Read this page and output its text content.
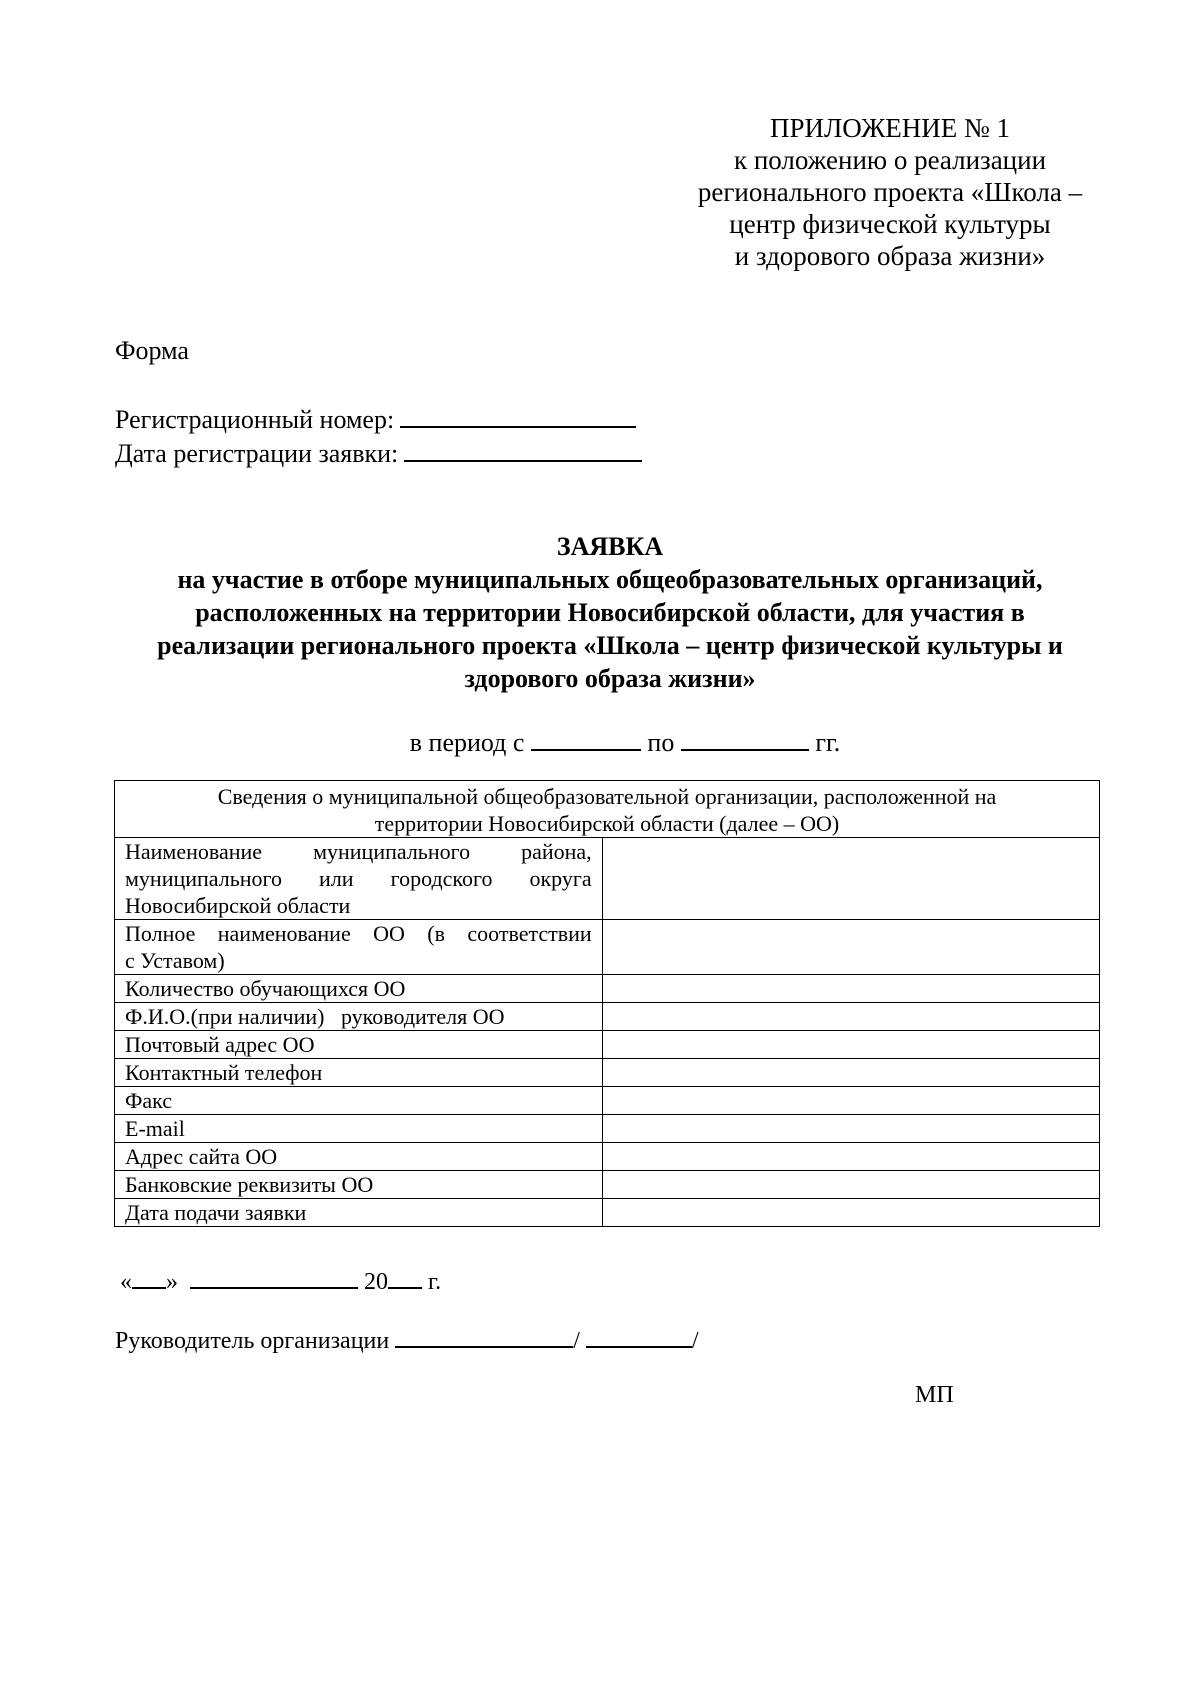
ПРИЛОЖЕНИЕ № 1
к положению о реализации
регионального проекта «Школа –
центр физической культуры
и здорового образа жизни»
Форма
Регистрационный номер:
Дата регистрации заявки:
ЗАЯВКА
на участие в отборе муниципальных общеобразовательных организаций,
расположенных на территории Новосибирской области, для участия в
реализации регионального проекта «Школа – центр физической культуры и
здорового образа жизни»
в период с	по	гг.
Сведения о муниципальной общеобразовательной организации, расположенной на
территории Новосибирской области (далее – ОО)	

Наименование муниципального района,
муниципального или городского округа
Новосибирской области	

Полное наименование ОО (в соответствии
с Уставом)	

Количество обучающихся ОО	
Ф.И.О.(при наличии)   руководителя ОО	
Почтовый адрес ОО	
Контактный телефон	
Факс	
E-mail	
Адрес сайта ОО	
Банковские реквизиты ОО	
Дата подачи заявки	
« »	20 г.
Руководитель организации	/	/
МП
